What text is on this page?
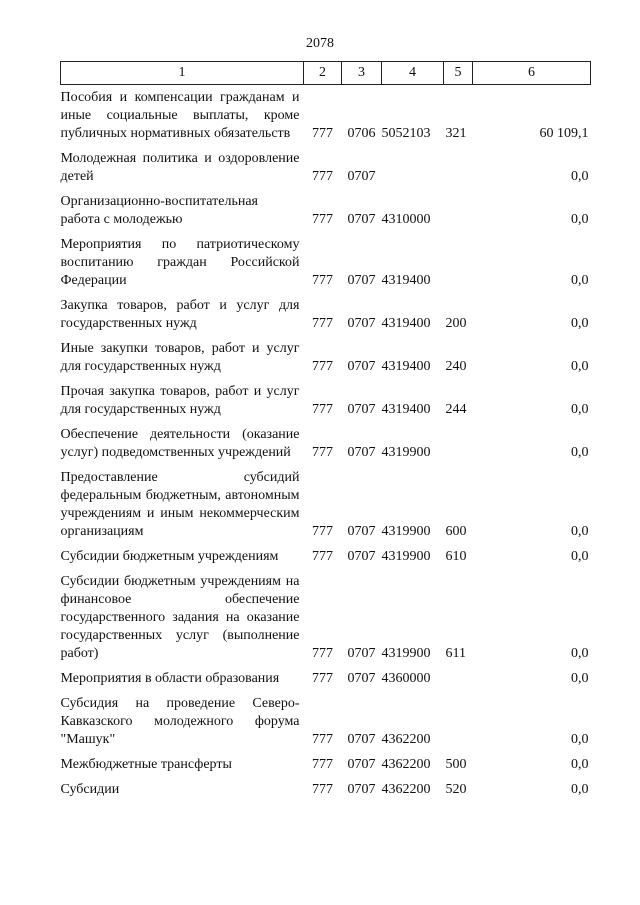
2078
1	2	3	4	5	6
Пособия и компенсации гражданам и иные социальные выплаты, кроме публичных нормативных обязательств	777	0706	5052103	321	60 109,1
Молодежная политика и оздоровление детей	777	0707			0,0
Организационно-воспитательная работа с молодежью	777	0707	4310000		0,0
Мероприятия по патриотическому воспитанию граждан Российской Федерации	777	0707	4319400		0,0
Закупка товаров, работ и услуг для государственных нужд	777	0707	4319400	200	0,0
Иные закупки товаров, работ и услуг для государственных нужд	777	0707	4319400	240	0,0
Прочая закупка товаров, работ и услуг для государственных нужд	777	0707	4319400	244	0,0
Обеспечение деятельности (оказание услуг) подведомственных учреждений	777	0707	4319900		0,0
Предоставление субсидий федеральным бюджетным, автономным учреждениям и иным некоммерческим организациям	777	0707	4319900	600	0,0
Субсидии бюджетным учреждениям	777	0707	4319900	610	0,0
Субсидии бюджетным учреждениям на финансовое обеспечение государственного задания на оказание государственных услуг (выполнение работ)	777	0707	4319900	611	0,0
Мероприятия в области образования	777	0707	4360000		0,0
Субсидия на проведение Северо-Кавказского молодежного форума "Машук"	777	0707	4362200		0,0
Межбюджетные трансферты	777	0707	4362200	500	0,0
Субсидии	777	0707	4362200	520	0,0
